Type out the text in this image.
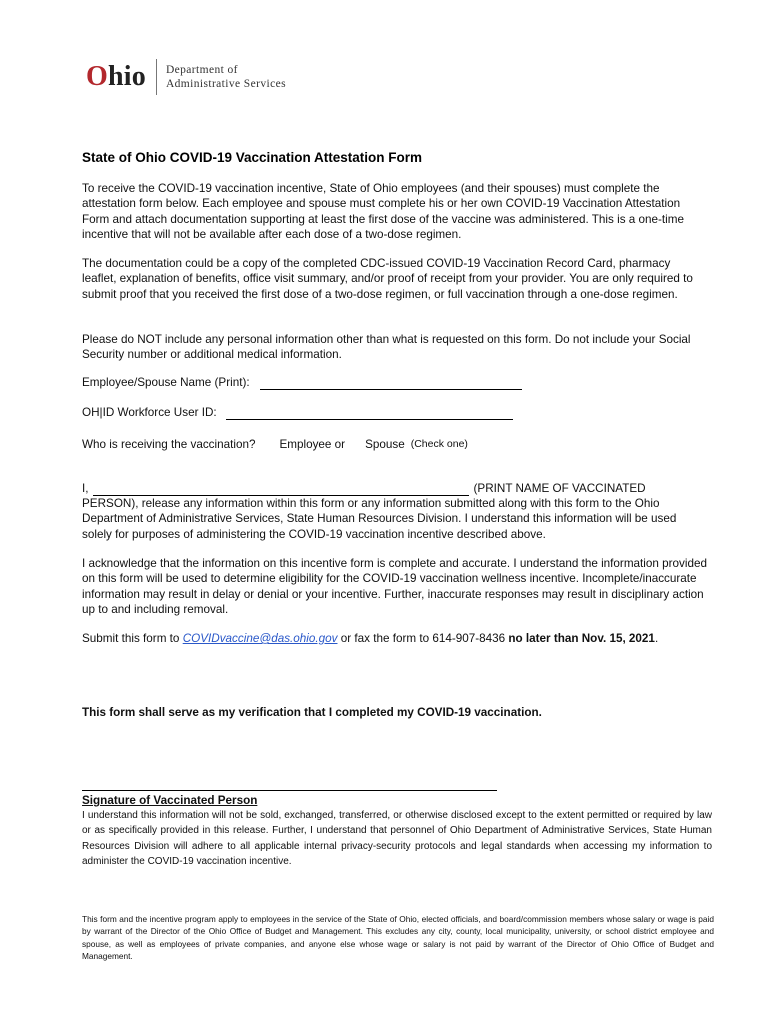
Ohio Department of
Administrative Services
State of Ohio COVID-19 Vaccination Attestation Form
To receive the COVID-19 vaccination incentive, State of Ohio employees (and their spouses) must complete the attestation form below. Each employee and spouse must complete his or her own COVID-19 Vaccination Attestation Form and attach documentation supporting at least the first dose of the vaccine was administered. This is a one-time incentive that will not be available after each dose of a two-dose regimen.
The documentation could be a copy of the completed CDC-issued COVID-19 Vaccination Record Card, pharmacy leaflet, explanation of benefits, office visit summary, and/or proof of receipt from your provider. You are only required to submit proof that you received the first dose of a two-dose regimen, or full vaccination through a one-dose regimen.
Please do NOT include any personal information other than what is requested on this form. Do not include your Social Security number or additional medical information.
Employee/Spouse Name (Print):
OH|ID Workforce User ID:
Who is receiving the vaccination? Employee or Spouse (Check one)
I,	(PRINT NAME OF VACCINATED
PERSON), release any information within this form or any information submitted along with this form to the Ohio Department of Administrative Services, State Human Resources Division. I understand this information will be used solely for purposes of administering the COVID-19 vaccination incentive described above.
I acknowledge that the information on this incentive form is complete and accurate. I understand the information provided on this form will be used to determine eligibility for the COVID-19 vaccination wellness incentive. Incomplete/inaccurate information may result in delay or denial or your incentive. Further, inaccurate responses may result in disciplinary action up to and including removal.
Submit this form to COVIDvaccine@das.ohio.gov or fax the form to 614-907-8436 no later than Nov. 15, 2021.
This form shall serve as my verification that I completed my COVID-19 vaccination.
Signature of Vaccinated Person
I understand this information will not be sold, exchanged, transferred, or otherwise disclosed except to the extent permitted or required by law or as specifically provided in this release. Further, I understand that personnel of Ohio Department of Administrative Services, State Human Resources Division will adhere to all applicable internal privacy-security protocols and legal standards when accessing my information to administer the COVID-19 vaccination incentive.
This form and the incentive program apply to employees in the service of the State of Ohio, elected officials, and board/commission members whose salary or wage is paid by warrant of the Director of the Ohio Office of Budget and Management. This excludes any city, county, local municipality, university, or school district employee and spouse, as well as employees of private companies, and anyone else whose wage or salary is not paid by warrant of the Director of Ohio Office of Budget and Management.
